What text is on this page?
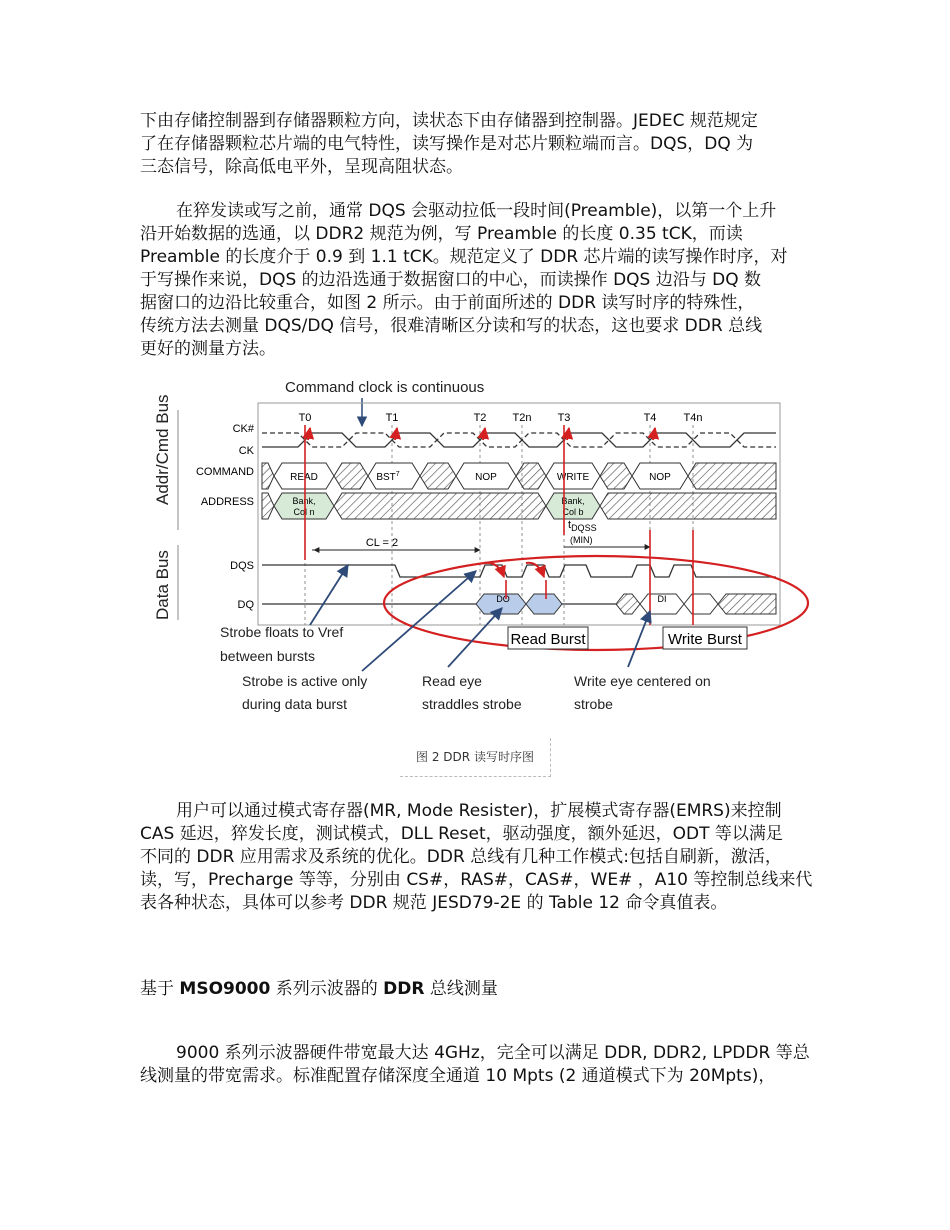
下由存储控制器到存储器颗粒方向，读状态下由存储器到控制器。JEDEC 规范规定
了在存储器颗粒芯片端的电气特性，读写操作是对芯片颗粒端而言。DQS，DQ 为
三态信号，除高低电平外，呈现高阻状态。
在猝发读或写之前，通常 DQS 会驱动拉低一段时间(Preamble)，以第一个上升
沿开始数据的选通，以 DDR2 规范为例，写 Preamble 的长度 0.35 tCK，而读
Preamble 的长度介于 0.9 到 1.1 tCK。规范定义了 DDR 芯片端的读写操作时序，对
于写操作来说，DQS 的边沿选通于数据窗口的中心，而读操作 DQS 边沿与 DQ 数
据窗口的边沿比较重合，如图 2 所示。由于前面所述的 DDR 读写时序的特殊性，
传统方法去测量 DQS/DQ 信号，很难清晰区分读和写的状态，这也要求 DDR 总线
更好的测量方法。
Command clock is continuous
Addr/Cmd Bus
Data Bus
CK#
CK
COMMAND
ADDRESS
DQS
DQ
T0	T1	T2 T2n T3	T4 T4n
READ	BST$^7$	NOP	WRITE	NOP
Bank,
Col n
Bank,
Col b
CL = 2
$t_{DQSS}$
(MIN)
DO	DI
Read Burst	Write Burst
Strobe floats to Vref
between bursts
Strobe is active only
during data burst
Read eye
straddles strobe
Write eye centered on
strobe
图 2 DDR 读写时序图
用户可以通过模式寄存器(MR, Mode Resister)，扩展模式寄存器(EMRS)来控制
CAS 延迟，猝发长度，测试模式，DLL Reset，驱动强度，额外延迟，ODT 等以满足
不同的 DDR 应用需求及系统的优化。DDR 总线有几种工作模式:包括自刷新，激活，
读，写，Precharge 等等，分别由 CS#，RAS#，CAS#，WE# ，A10 等控制总线来代
表各种状态，具体可以参考 DDR 规范 JESD79-2E 的 Table 12 命令真值表。
基于 MSO9000 系列示波器的 DDR 总线测量
9000 系列示波器硬件带宽最大达 4GHz，完全可以满足 DDR, DDR2, LPDDR 等总
线测量的带宽需求。标准配置存储深度全通道 10 Mpts (2 通道模式下为 20Mpts)，
